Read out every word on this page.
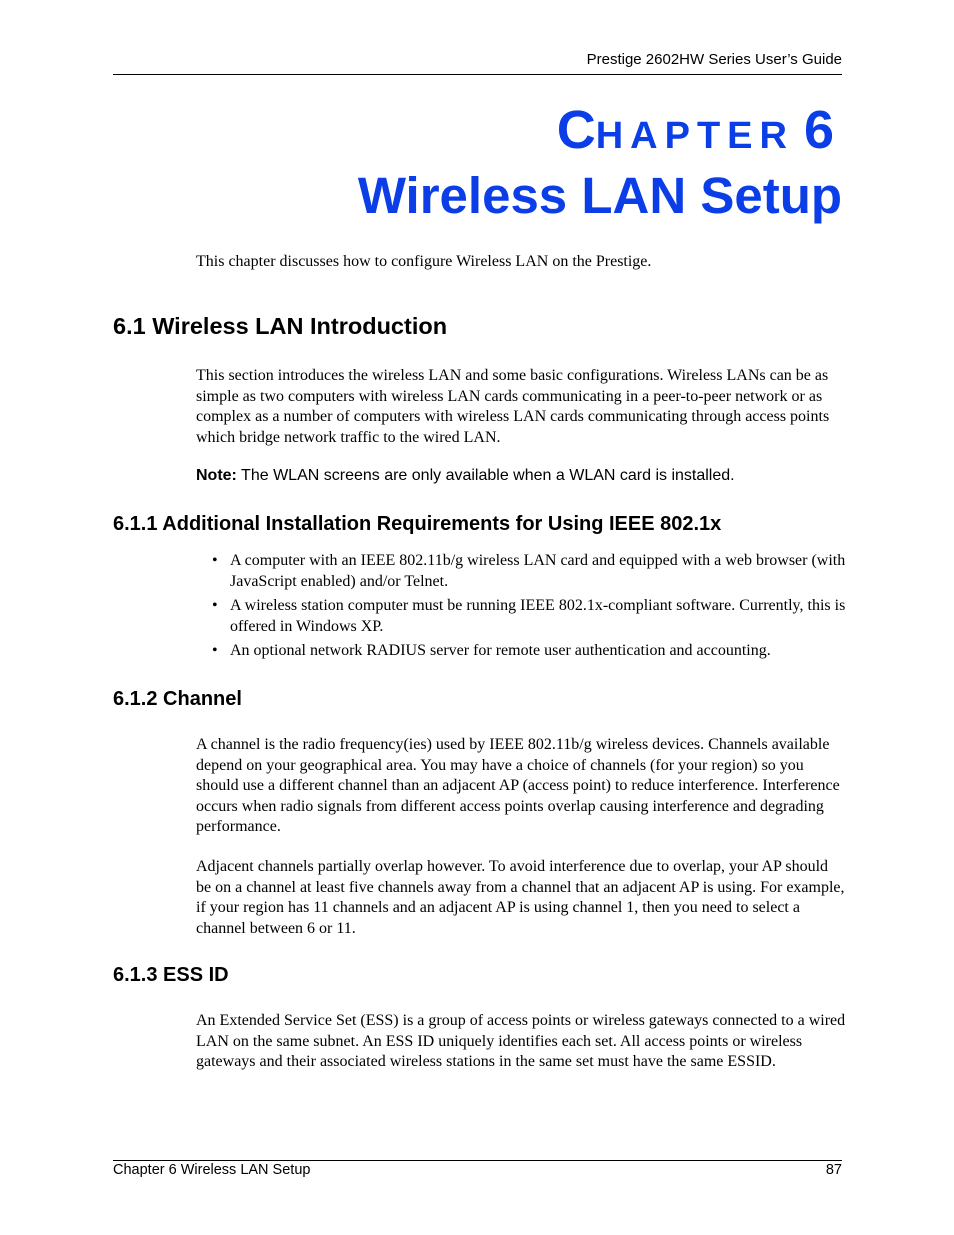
Prestige 2602HW Series User’s Guide
CHAPTER 6
Wireless LAN Setup
This chapter discusses how to configure Wireless LAN on the Prestige.
6.1 Wireless LAN Introduction
This section introduces the wireless LAN and some basic configurations. Wireless LANs can be as simple as two computers with wireless LAN cards communicating in a peer-to-peer network or as complex as a number of computers with wireless LAN cards communicating through access points which bridge network traffic to the wired LAN.
Note: The WLAN screens are only available when a WLAN card is installed.
6.1.1 Additional Installation Requirements for Using IEEE 802.1x
• A computer with an IEEE 802.11b/g wireless LAN card and equipped with a web browser (with JavaScript enabled) and/or Telnet.
• A wireless station computer must be running IEEE 802.1x-compliant software. Currently, this is offered in Windows XP.
• An optional network RADIUS server for remote user authentication and accounting.
6.1.2 Channel
A channel is the radio frequency(ies) used by IEEE 802.11b/g wireless devices. Channels available depend on your geographical area. You may have a choice of channels (for your region) so you should use a different channel than an adjacent AP (access point) to reduce interference. Interference occurs when radio signals from different access points overlap causing interference and degrading performance.
Adjacent channels partially overlap however. To avoid interference due to overlap, your AP should be on a channel at least five channels away from a channel that an adjacent AP is using. For example, if your region has 11 channels and an adjacent AP is using channel 1, then you need to select a channel between 6 or 11.
6.1.3 ESS ID
An Extended Service Set (ESS) is a group of access points or wireless gateways connected to a wired LAN on the same subnet. An ESS ID uniquely identifies each set. All access points or wireless gateways and their associated wireless stations in the same set must have the same ESSID.
Chapter 6 Wireless LAN Setup	87
